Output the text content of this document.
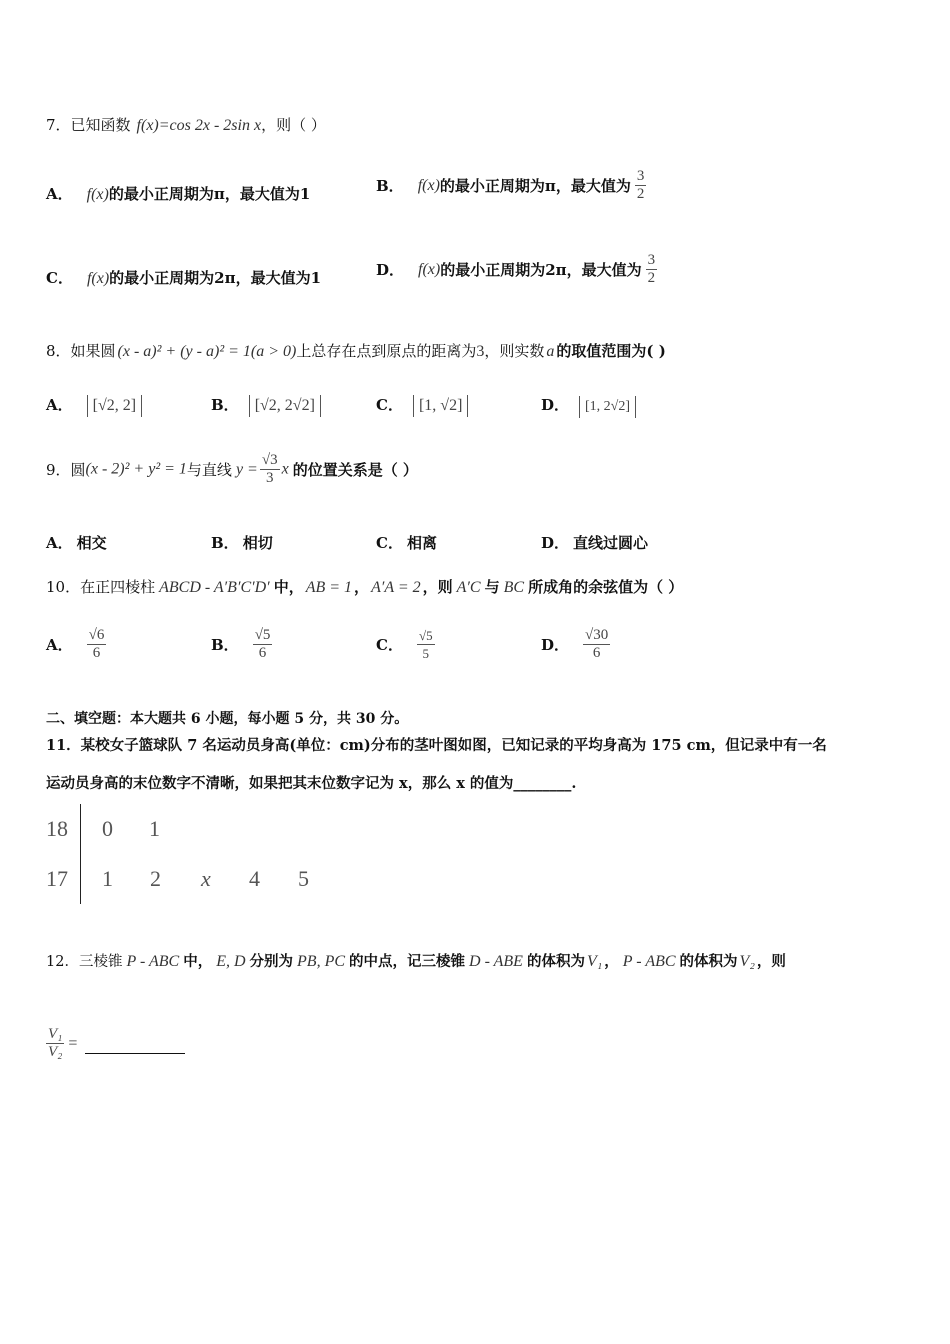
7．已知函数 f(x)=cos 2x - 2sin x，则（ ）
A． f(x)的最小正周期为π，最大值为1	B． f(x)的最小正周期为π，最大值为 $\frac{3}{2}$
C． f(x)的最小正周期为2π，最大值为1	D． f(x)的最小正周期为2π，最大值为 $\frac{3}{2}$
8．如果圆 (x - a)² + (y - a)² = 1(a > 0)上总存在点到原点的距离为3，则实数 a 的取值范围为( )
A． [√2, 2]	B． [√2, 2√2]	C． [1, √2]	D． [1, 2√2]
9．圆(x - 2)² + y² = 1与直线 $y = \frac{√3}{3}$ x 的位置关系是（ ）
A． 相交	B． 相切	C． 相离	D． 直线过圆心
10．在正四棱柱 ABCD - A′B′C′D′ 中， AB = 1 ， A′A = 2 ，则 A′C 与 BC 所成角的余弦值为（ ）
A． $\frac{√6}{6}$	B． $\frac{√5}{6}$	C． $\frac{√5}{5}$	D． $\frac{√30}{6}$
二、填空题：本大题共 6 小题，每小题 5 分，共 30 分。
11．某校女子篮球队 7 名运动员身高(单位：cm)分布的茎叶图如图，已知记录的平均身高为 175 cm，但记录中有一名
运动员身高的末位数字不清晰，如果把其末位数字记为 x，那么 x 的值为________.
18 0 1
17 1 2 x 4 5
12．三棱锥 P - ABC 中， E, D 分别为 PB, PC 的中点，记三棱锥 D - ABE 的体积为 V₁ ， P - ABC 的体积为 V₂ ，则
$\frac{\text{V₁}}{\text{V₂}}$ =
